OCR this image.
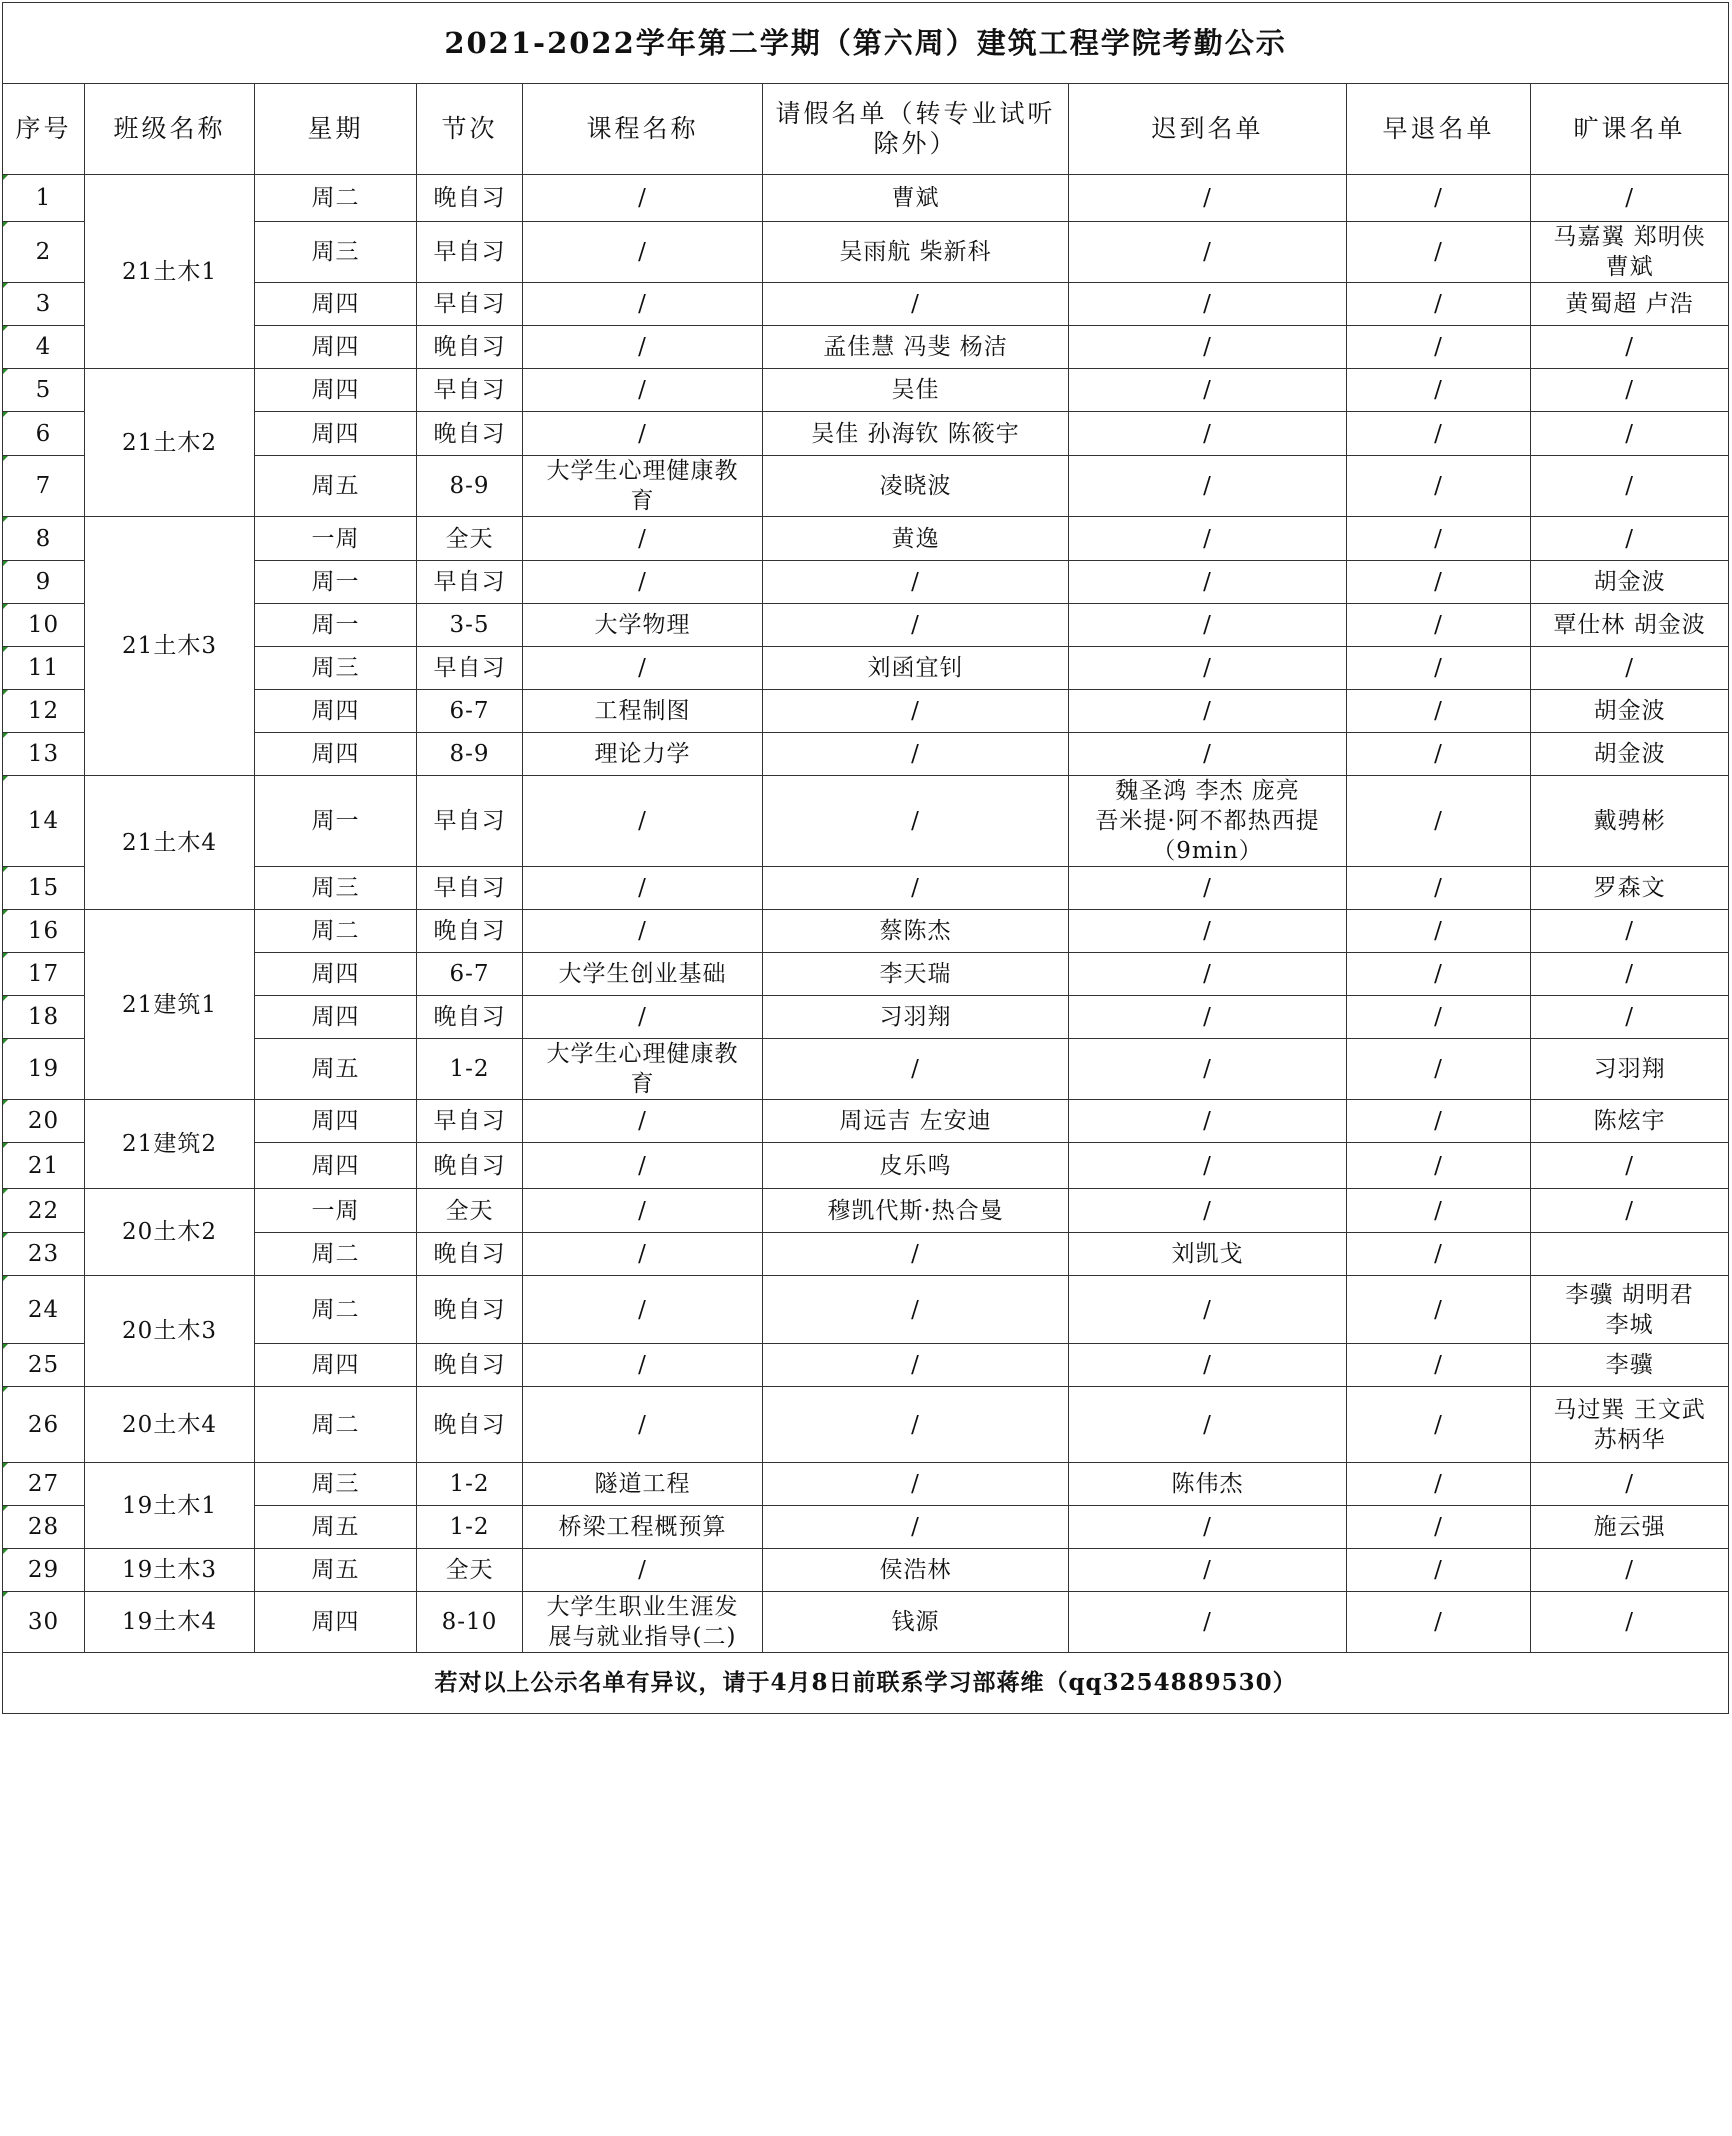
2021-2022学年第二学期（第六周）建筑工程学院考勤公示								
序号	班级名称	星期	节次	课程名称	请假名单（转专业试听除外）	迟到名单	早退名单	旷课名单

1	21土木1	周二	晚自习	/	曹斌	/	/	/

2		周三	早自习	/	吴雨航 柴新科	/	/	马嘉翼 郑明侠
曹斌

3		周四	早自习	/	/	/	/	黄蜀超 卢浩

4		周四	晚自习	/	孟佳慧 冯斐 杨洁	/	/	/

5	21土木2	周四	早自习	/	吴佳	/	/	/

6		周四	晚自习	/	吴佳 孙海钦 陈筱宇	/	/	/

7		周五	8-9	大学生心理健康教
育	凌晓波	/	/	/

8	21土木3	一周	全天	/	黄逸	/	/	/

9		周一	早自习	/	/	/	/	胡金波

10		周一	3-5	大学物理	/	/	/	覃仕林 胡金波

11		周三	早自习	/	刘函宜钊	/	/	/

12		周四	6-7	工程制图	/	/	/	胡金波

13		周四	8-9	理论力学	/	/	/	胡金波

14	21土木4	周一	早自习	/	/	魏圣鸿 李杰 庞亮
吾米提·阿不都热西提
（9min）	/	戴骋彬

15		周三	早自习	/	/	/	/	罗森文

16	21建筑1	周二	晚自习	/	蔡陈杰	/	/	/

17		周四	6-7	大学生创业基础	李天瑞	/	/	/

18		周四	晚自习	/	习羽翔	/	/	/

19		周五	1-2	大学生心理健康教
育	/	/	/	习羽翔

20	21建筑2	周四	早自习	/	周远吉 左安迪	/	/	陈炫宇

21		周四	晚自习	/	皮乐鸣	/	/	/

22	20土木2	一周	全天	/	穆凯代斯·热合曼	/	/	/

23		周二	晚自习	/	/	刘凯戈	/	

24	20土木3	周二	晚自习	/	/	/	/	李骥 胡明君
李城

25		周四	晚自习	/	/	/	/	李骥

26	20土木4	周二	晚自习	/	/	/	/	马过巽 王文武
苏柄华

27	19土木1	周三	1-2	隧道工程	/	陈伟杰	/	/

28		周五	1-2	桥梁工程概预算	/	/	/	施云强

29	19土木3	周五	全天	/	侯浩林	/	/	/

30	19土木4	周四	8-10	大学生职业生涯发
展与就业指导(二)	钱源	/	/	/

若对以上公示名单有异议，请于4月8日前联系学习部蒋维（qq3254889530）								
